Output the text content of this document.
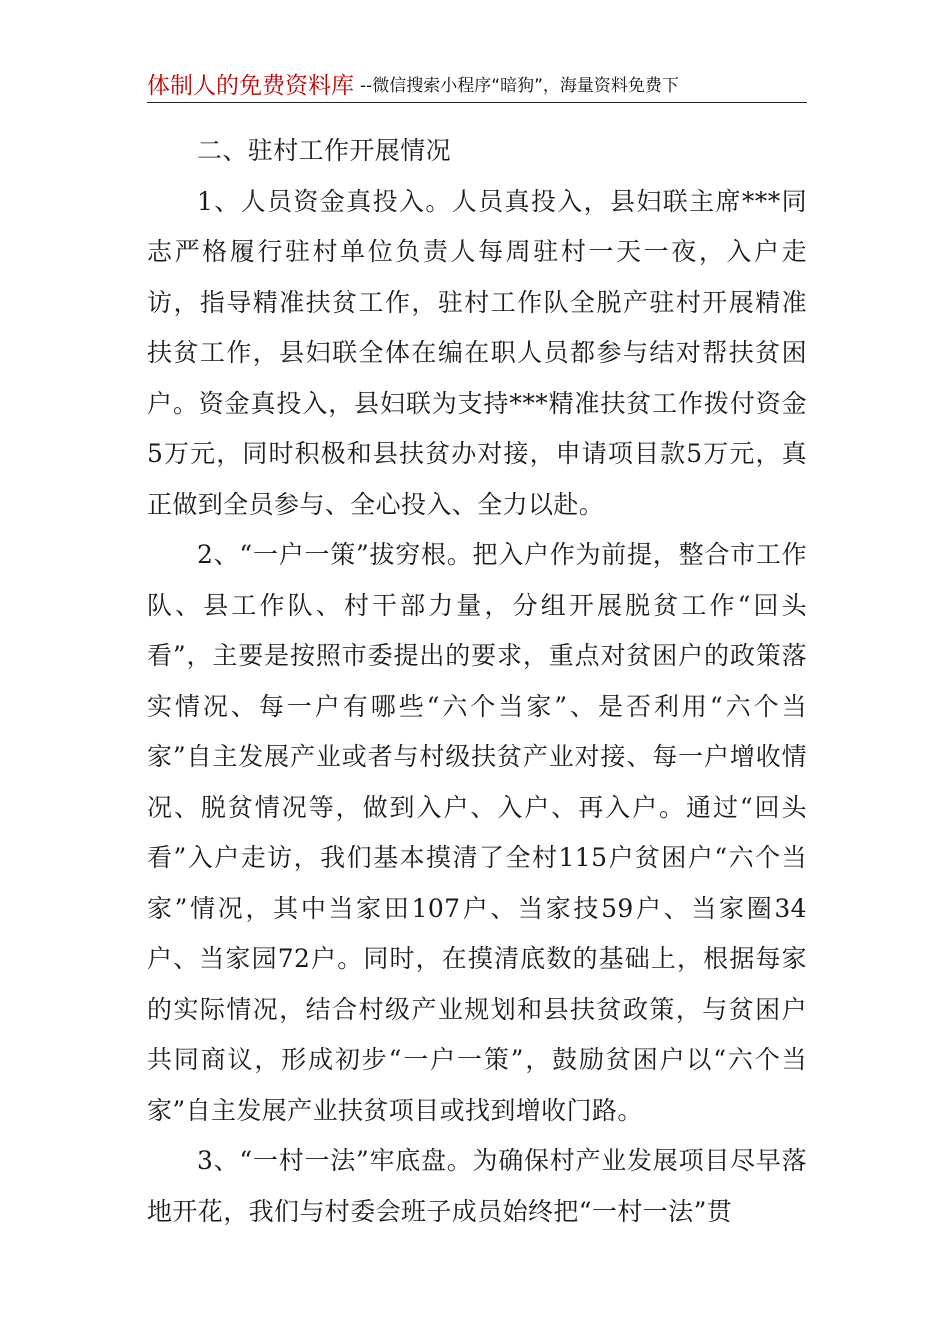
体制人的免费资料库 --微信搜索小程序“暗狗”，海量资料免费下

二、驻村工作开展情况

1、人员资金真投入。人员真投入，县妇联主席***同志严格履行驻村单位负责人每周驻村一天一夜，入户走访，指导精准扶贫工作，驻村工作队全脱产驻村开展精准扶贫工作，县妇联全体在编在职人员都参与结对帮扶贫困户。资金真投入，县妇联为支持***精准扶贫工作拨付资金5万元，同时积极和县扶贫办对接，申请项目款5万元，真正做到全员参与、全心投入、全力以赴。

2、“一户一策”拔穷根。把入户作为前提，整合市工作队、县工作队、村干部力量，分组开展脱贫工作“回头看”，主要是按照市委提出的要求，重点对贫困户的政策落实情况、每一户有哪些“六个当家”、是否利用“六个当家”自主发展产业或者与村级扶贫产业对接、每一户增收情况、脱贫情况等，做到入户、入户、再入户。通过“回头看”入户走访，我们基本摸清了全村115户贫困户“六个当家”情况，其中当家田107户、当家技59户、当家圈34户、当家园72户。同时，在摸清底数的基础上，根据每家的实际情况，结合村级产业规划和县扶贫政策，与贫困户共同商议，形成初步“一户一策”，鼓励贫困户以“六个当家”自主发展产业扶贫项目或找到增收门路。

3、“一村一法”牢底盘。为确保村产业发展项目尽早落地开花，我们与村委会班子成员始终把“一村一法”贯
